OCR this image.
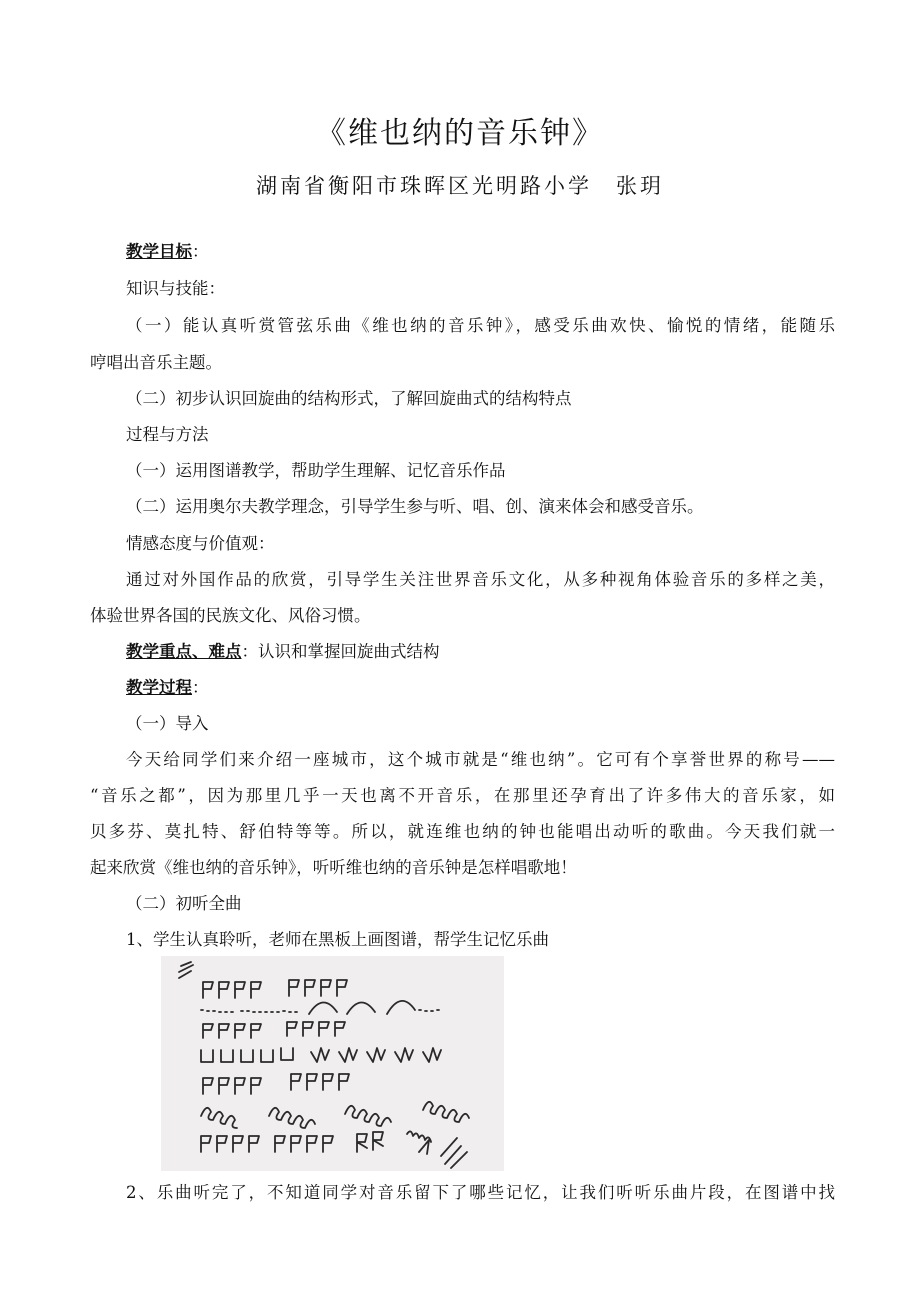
《维也纳的音乐钟》
湖南省衡阳市珠晖区光明路小学　张玥
教学目标：
知识与技能：
（一）能认真听赏管弦乐曲《维也纳的音乐钟》，感受乐曲欢快、愉悦的情绪，能随乐
哼唱出音乐主题。
（二）初步认识回旋曲的结构形式，了解回旋曲式的结构特点
过程与方法
（一）运用图谱教学，帮助学生理解、记忆音乐作品
（二）运用奥尔夫教学理念，引导学生参与听、唱、创、演来体会和感受音乐。
情感态度与价值观：
通过对外国作品的欣赏，引导学生关注世界音乐文化，从多种视角体验音乐的多样之美，
体验世界各国的民族文化、风俗习惯。
教学重点、难点：认识和掌握回旋曲式结构
教学过程：
（一）导入
今天给同学们来介绍一座城市，这个城市就是“维也纳”。它可有个享誉世界的称号——
“音乐之都”，因为那里几乎一天也离不开音乐，在那里还孕育出了许多伟大的音乐家，如
贝多芬、莫扎特、舒伯特等等。所以，就连维也纳的钟也能唱出动听的歌曲。今天我们就一
起来欣赏《维也纳的音乐钟》，听听维也纳的音乐钟是怎样唱歌地！
（二）初听全曲
1、学生认真聆听，老师在黑板上画图谱，帮学生记忆乐曲
2、乐曲听完了，不知道同学对音乐留下了哪些记忆，让我们听听乐曲片段，在图谱中找
